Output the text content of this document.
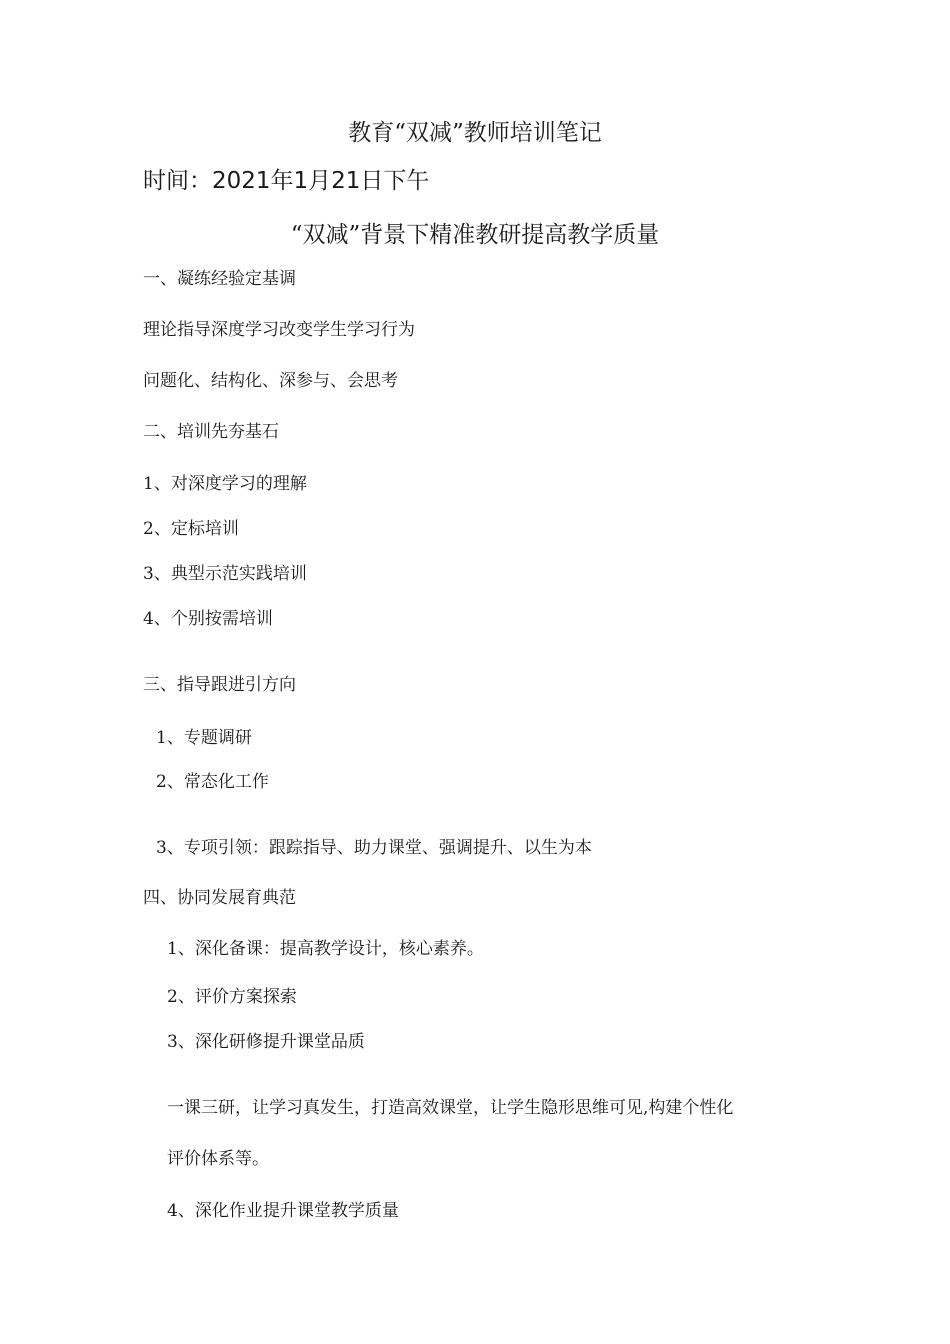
教育“双减”教师培训笔记
时间：2021年1月21日下午
“双减”背景下精准教研提高教学质量
一、凝练经验定基调
理论指导深度学习改变学生学习行为
问题化、结构化、深参与、会思考
二、培训先夯基石
1、对深度学习的理解
2、定标培训
3、典型示范实践培训
4、个别按需培训
三、指导跟进引方向
1、专题调研
2、常态化工作
3、专项引领：跟踪指导、助力课堂、强调提升、以生为本
四、协同发展育典范
1、深化备课：提高教学设计，核心素养。
2、评价方案探索
3、深化研修提升课堂品质
一课三研，让学习真发生，打造高效课堂，让学生隐形思维可见,构建个性化
评价体系等。
4、深化作业提升课堂教学质量
